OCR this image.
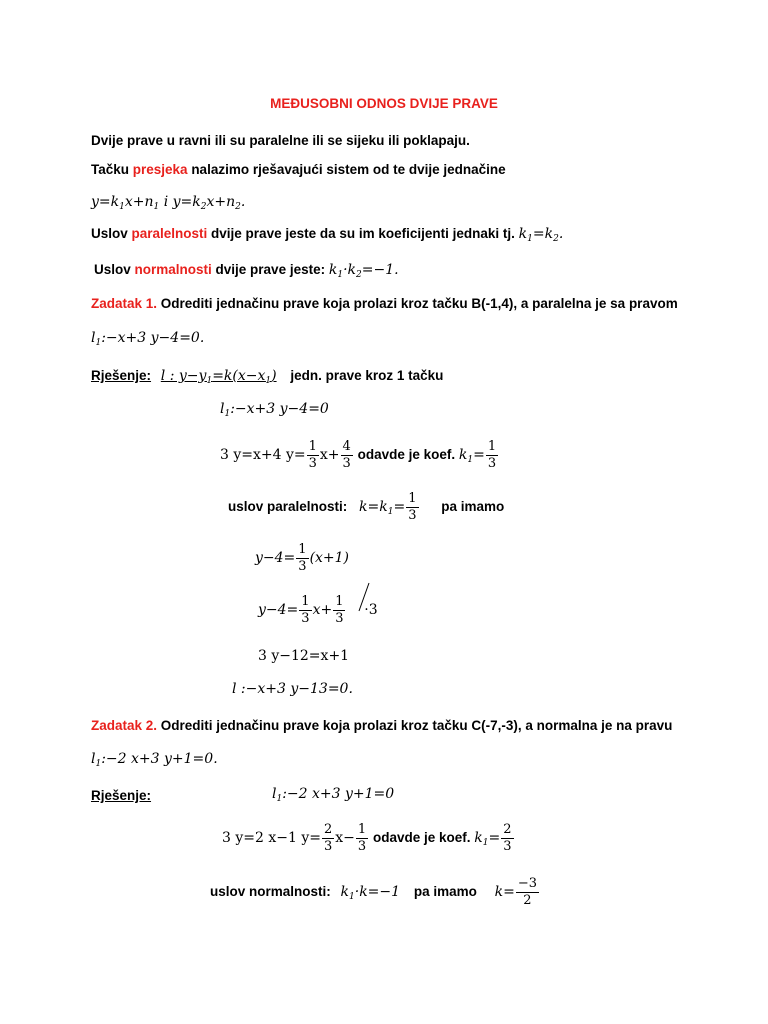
MEĐUSOBNI ODNOS DVIJE PRAVE
Dvije prave u ravni ili su paralelne ili se sijeku ili poklapaju.
Tačku presjeka nalazimo rješavajući sistem od te dvije jednačine
$y=k_1x+n_1$ i $y=k_2x+n_2$.
Uslov paralelnosti dvije prave jeste da su im koeficijenti jednaki tj. $k_1=k_2$.
Uslov normalnosti dvije prave jeste: $k_1\cdot k_2=-1$.
Zadatak 1. Odrediti jednačinu prave koja prolazi kroz tačku B(-1,4), a paralelna je sa pravom
$l_1:-x+3$ y−4=0.
Rješenje: l : $y-y_1=k(x-x_1)$ jedn. prave kroz 1 tačku
$l_1:-x+3$ y−4=0
3 y=x+4 $y= \frac{1}{3} x+ \frac{4}{3}$ odavde je koef. $k_1= \frac{1}{3}$
uslov paralelnosti: $k=k_1= \frac{1}{3}$ pa imamo
$y-4= \frac{1}{3} (x+1)$
$y-4= \frac{1}{3} x+ \frac{1}{3} \cdot 3$
3 y−12=x+1
l :−x+3 y−13=0.
Zadatak 2. Odrediti jednačinu prave koja prolazi kroz tačku C(-7,-3), a normalna je na pravu
$l_1:-2$ x+3 y+1=0.
Rješenje:	$l_1:-2$ x+3 y+1=0
3 y=2 x−1 $y= \frac{2}{3} x- \frac{1}{3}$ odavde je koef. $k_1= \frac{2}{3}$
uslov normalnosti: $k_1\cdot k=-1$ pa imamo $k= \frac{-3}{2}$
